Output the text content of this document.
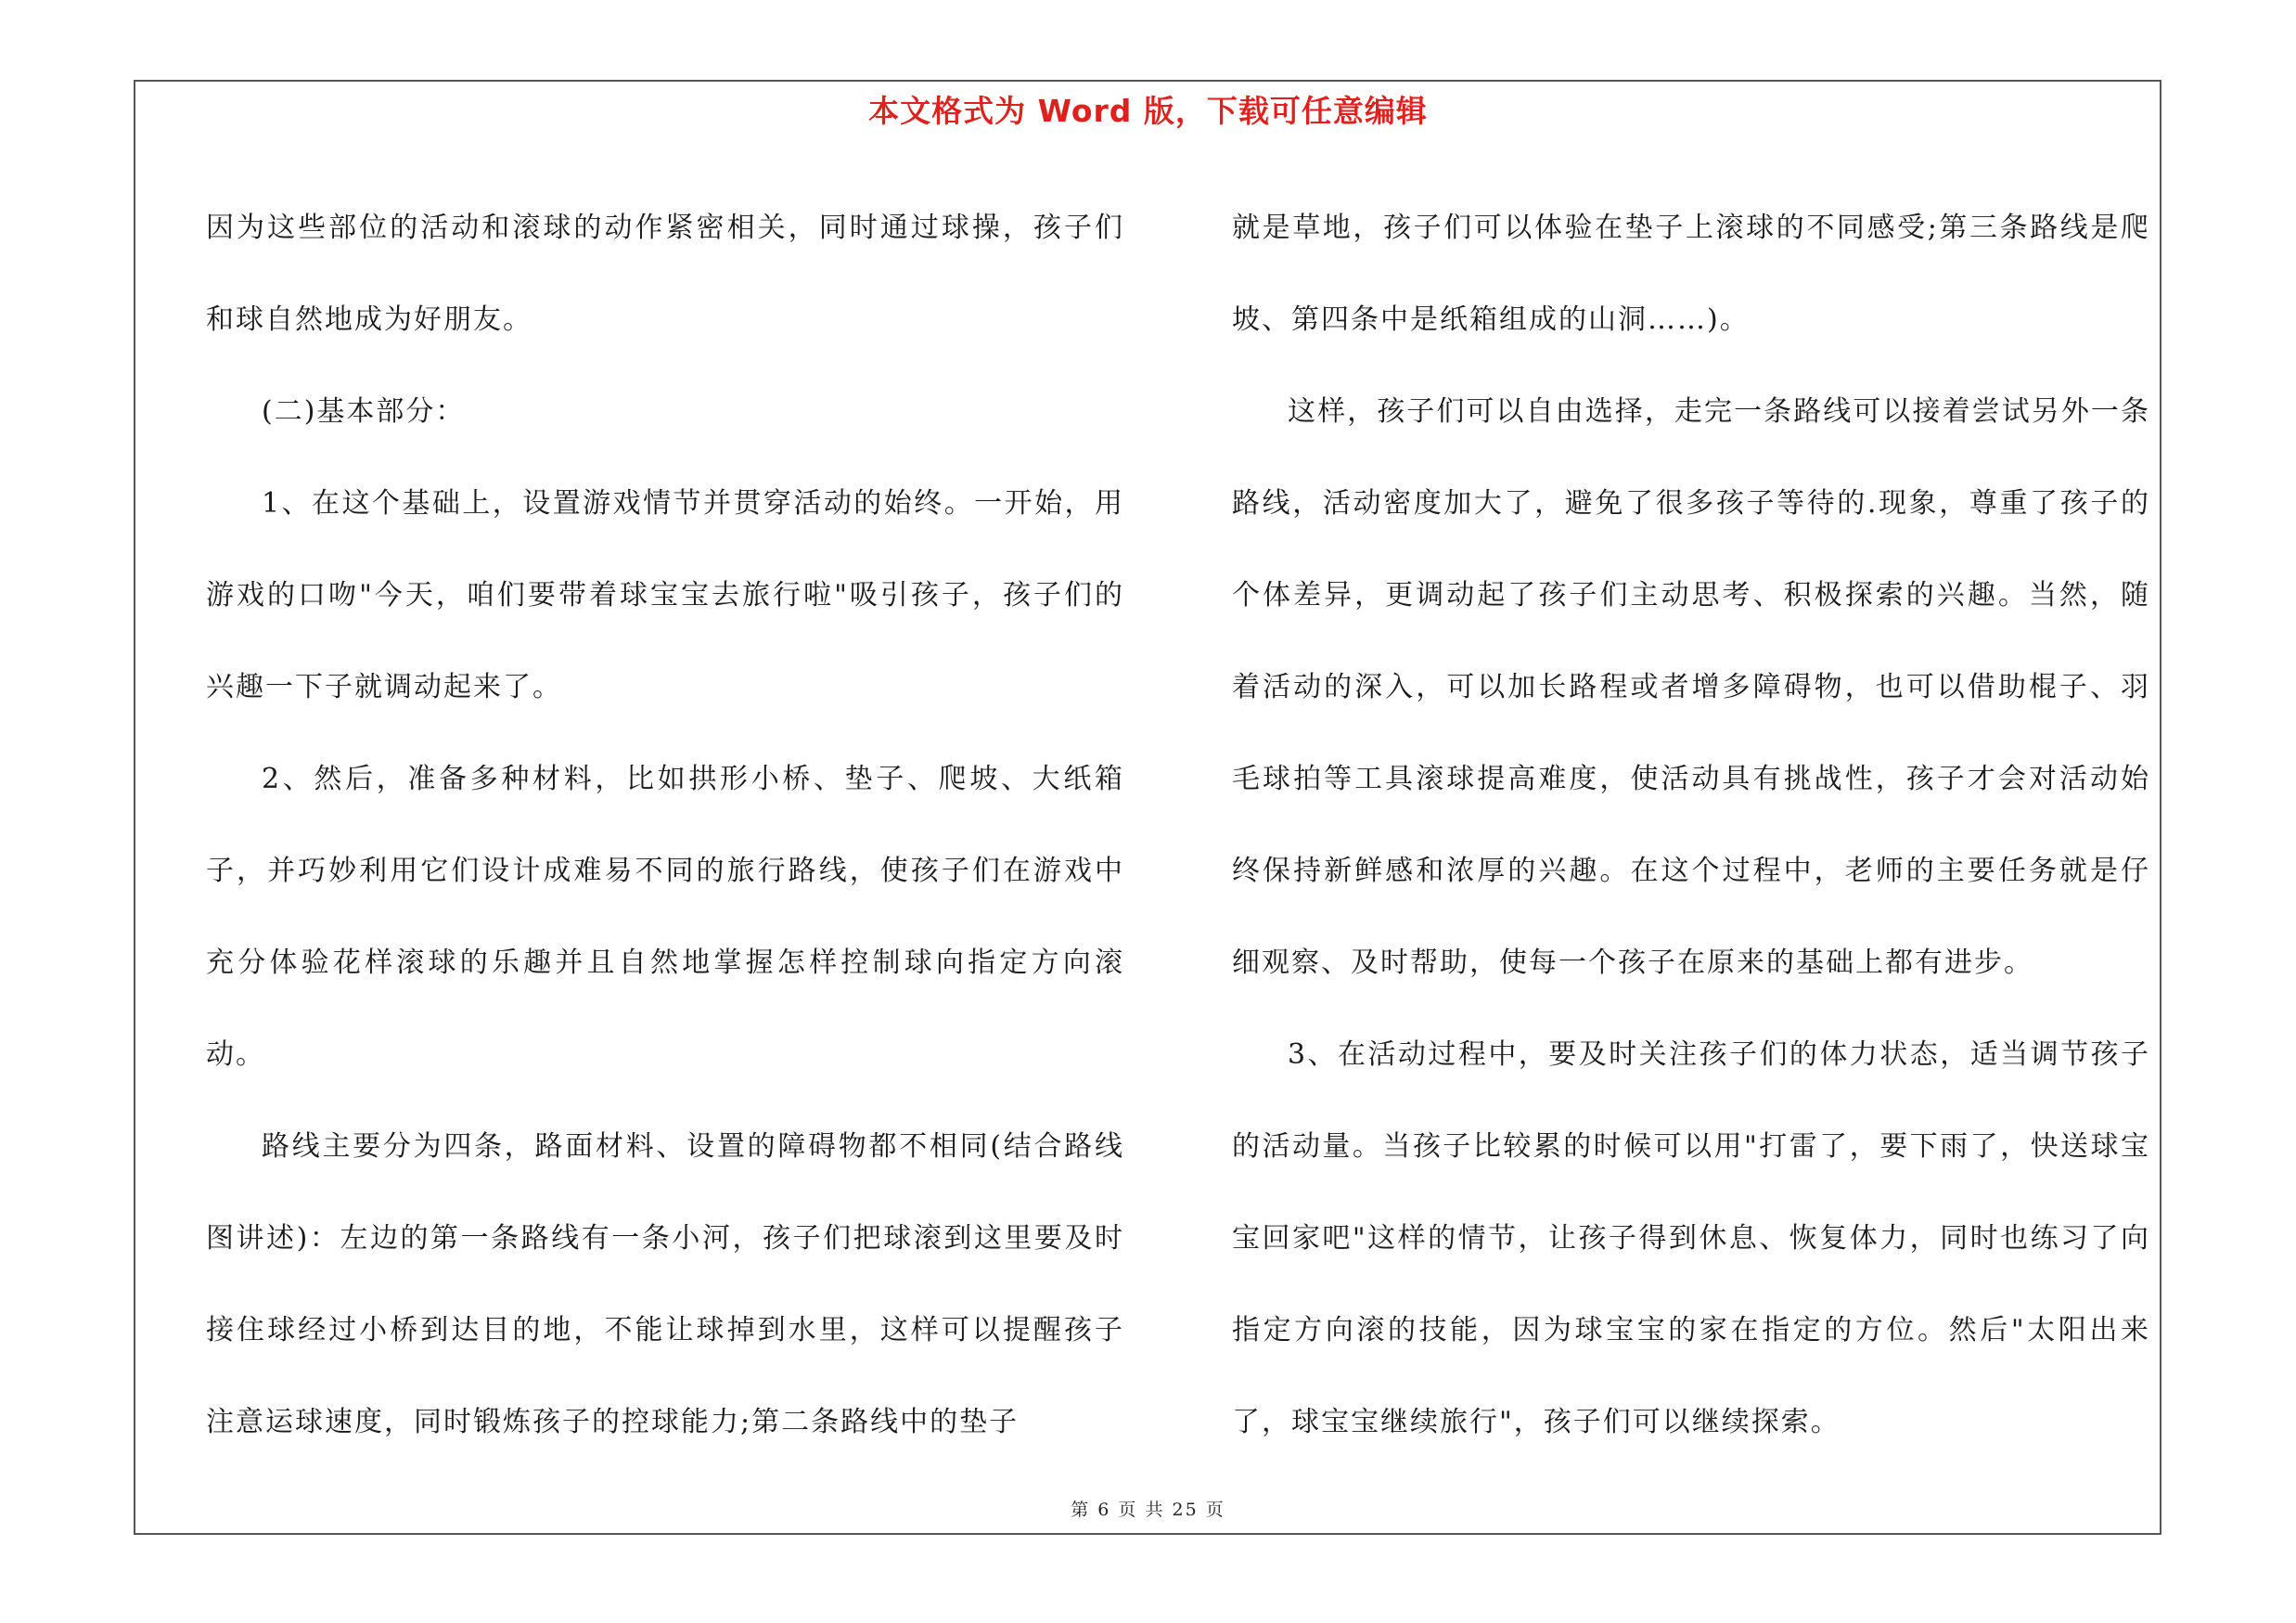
本文格式为 Word 版，下载可任意编辑

因为这些部位的活动和滚球的动作紧密相关，同时通过球操，孩子们和球自然地成为好朋友。

(二)基本部分：

1、在这个基础上，设置游戏情节并贯穿活动的始终。一开始，用游戏的口吻"今天，咱们要带着球宝宝去旅行啦"吸引孩子，孩子们的兴趣一下子就调动起来了。

2、然后，准备多种材料，比如拱形小桥、垫子、爬坡、大纸箱子，并巧妙利用它们设计成难易不同的旅行路线，使孩子们在游戏中充分体验花样滚球的乐趣并且自然地掌握怎样控制球向指定方向滚动。

路线主要分为四条，路面材料、设置的障碍物都不相同(结合路线图讲述)：左边的第一条路线有一条小河，孩子们把球滚到这里要及时接住球经过小桥到达目的地，不能让球掉到水里，这样可以提醒孩子注意运球速度，同时锻炼孩子的控球能力;第二条路线中的垫子

就是草地，孩子们可以体验在垫子上滚球的不同感受;第三条路线是爬坡、第四条中是纸箱组成的山洞……)。

这样，孩子们可以自由选择，走完一条路线可以接着尝试另外一条路线，活动密度加大了，避免了很多孩子等待的.现象，尊重了孩子的个体差异，更调动起了孩子们主动思考、积极探索的兴趣。当然，随着活动的深入，可以加长路程或者增多障碍物，也可以借助棍子、羽毛球拍等工具滚球提高难度，使活动具有挑战性，孩子才会对活动始终保持新鲜感和浓厚的兴趣。在这个过程中，老师的主要任务就是仔细观察、及时帮助，使每一个孩子在原来的基础上都有进步。

3、在活动过程中，要及时关注孩子们的体力状态，适当调节孩子的活动量。当孩子比较累的时候可以用"打雷了，要下雨了，快送球宝宝回家吧"这样的情节，让孩子得到休息、恢复体力，同时也练习了向指定方向滚的技能，因为球宝宝的家在指定的方位。然后"太阳出来了，球宝宝继续旅行"，孩子们可以继续探索。

第 6 页 共 25 页
